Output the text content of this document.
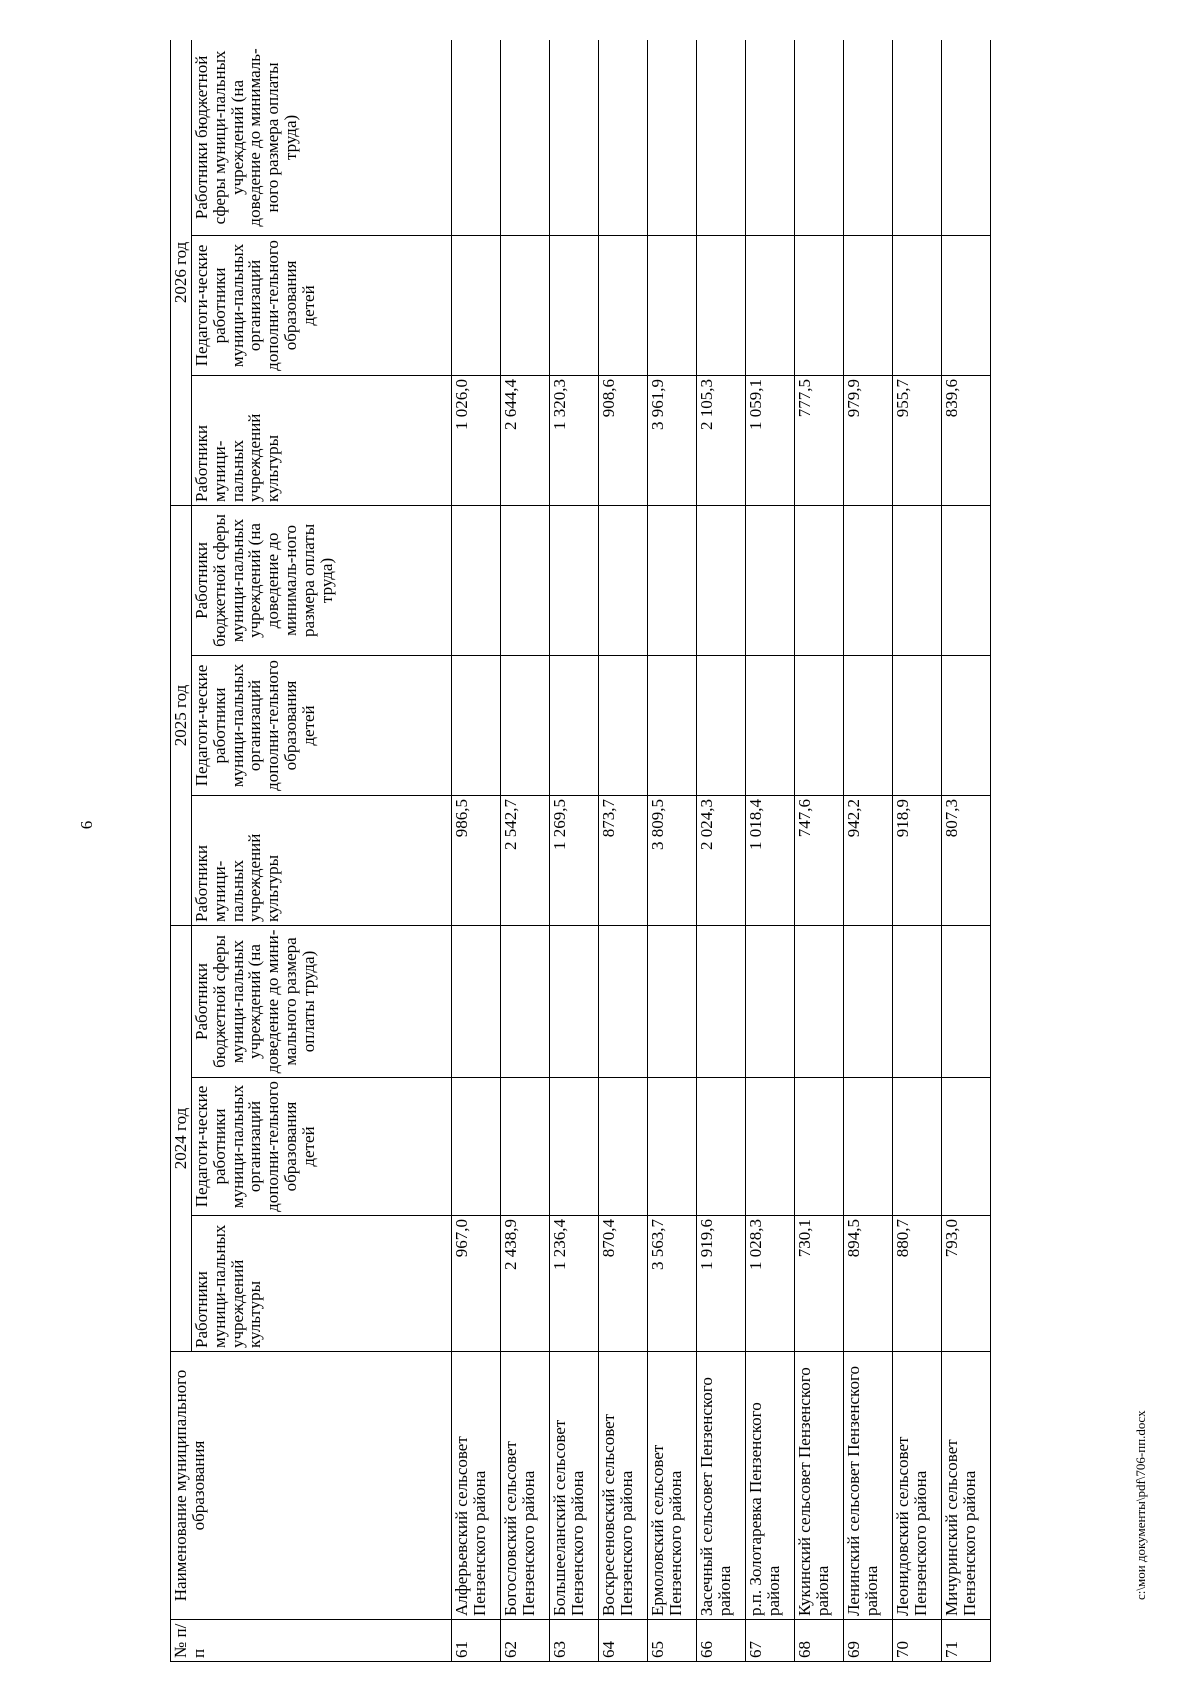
6
c:\мои документы\pdf\706-пп.docx
№ п/п	Наименование муниципального образования	2024 год			2025 год			2026 год		
		Работники муници-пальных учреждений культуры	Педагоги-ческие работники муници-пальных организаций дополни-тельного образования детей	Работники бюджетной сферы муници-пальных учреждений (на доведение до мини-мального размера оплаты труда)	Работники муници-пальных учреждений культуры	Педагоги-ческие работники муници-пальных организаций дополни-тельного образования детей	Работники бюджетной сферы муници-пальных учреждений (на доведение до минималь-ного размера оплаты труда)	Работники муници-пальных учреждений культуры	Педагоги-ческие работники муници-пальных организаций дополни-тельного образования детей	Работники бюджетной сферы муници-пальных учреждений (на доведение до минималь-ного размера оплаты труда)
61	Алферьевский сельсовет Пензенского района	967,0			986,5			1 026,0		
62	Богословский сельсовет Пензенского района	2 438,9			2 542,7			2 644,4		
63	Большееланский сельсовет Пензенского района	1 236,4			1 269,5			1 320,3		
64	Воскресеновский сельсовет Пензенского района	870,4			873,7			908,6		
65	Ермоловский сельсовет Пензенского района	3 563,7			3 809,5			3 961,9		
66	Засечный сельсовет Пензенского района	1 919,6			2 024,3			2 105,3		
67	р.п. Золотаревка Пензенского района	1 028,3			1 018,4			1 059,1		
68	Кукинский сельсовет Пензенского района	730,1			747,6			777,5		
69	Ленинский сельсовет Пензенского района	894,5			942,2			979,9		
70	Леонидовский сельсовет Пензенского района	880,7			918,9			955,7		
71	Мичуринский сельсовет Пензенского района	793,0			807,3			839,6		
